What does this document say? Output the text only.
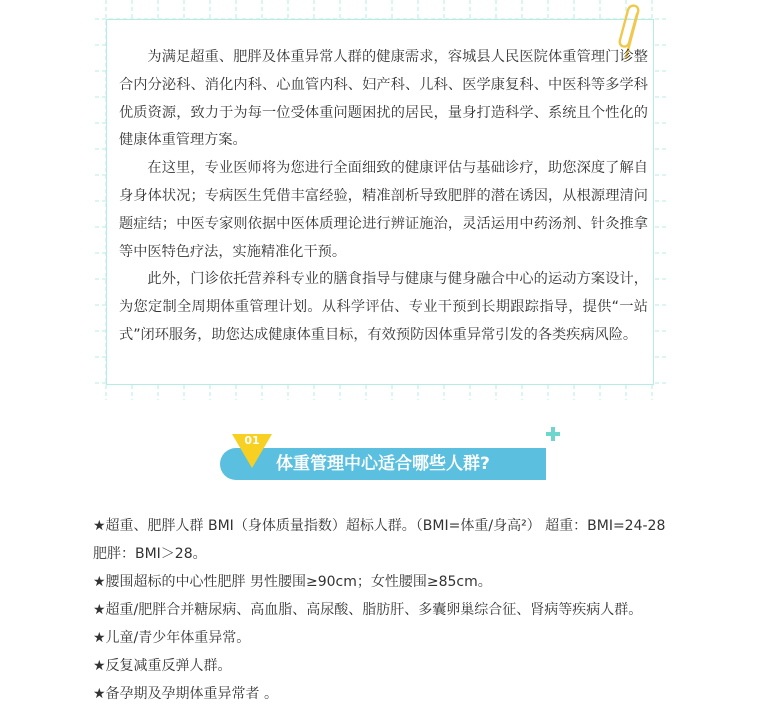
为满足超重、肥胖及体重异常人群的健康需求，容城县人民医院体重管理门诊整合内分泌科、消化内科、心血管内科、妇产科、儿科、医学康复科、中医科等多学科优质资源，致力于为每一位受体重问题困扰的居民，量身打造科学、系统且个性化的健康体重管理方案。

在这里，专业医师将为您进行全面细致的健康评估与基础诊疗，助您深度了解自身身体状况；专病医生凭借丰富经验，精准剖析导致肥胖的潜在诱因，从根源理清问题症结；中医专家则依据中医体质理论进行辨证施治，灵活运用中药汤剂、针灸推拿等中医特色疗法，实施精准化干预。

此外，门诊依托营养科专业的膳食指导与健康与健身融合中心的运动方案设计，为您定制全周期体重管理计划。从科学评估、专业干预到长期跟踪指导，提供“一站式”闭环服务，助您达成健康体重目标，有效预防因体重异常引发的各类疾病风险。

01
体重管理中心适合哪些人群?

★超重、肥胖人群 BMI（身体质量指数）超标人群。（BMI=体重/身高²） 超重：BMI=24-28 肥胖：BMI＞28。

★腰围超标的中心性肥胖 男性腰围≥90cm；女性腰围≥85cm。

★超重/肥胖合并糖尿病、高血脂、高尿酸、脂肪肝、多囊卵巢综合征、肾病等疾病人群。

★儿童/青少年体重异常。

★反复减重反弹人群。

★备孕期及孕期体重异常者 。
